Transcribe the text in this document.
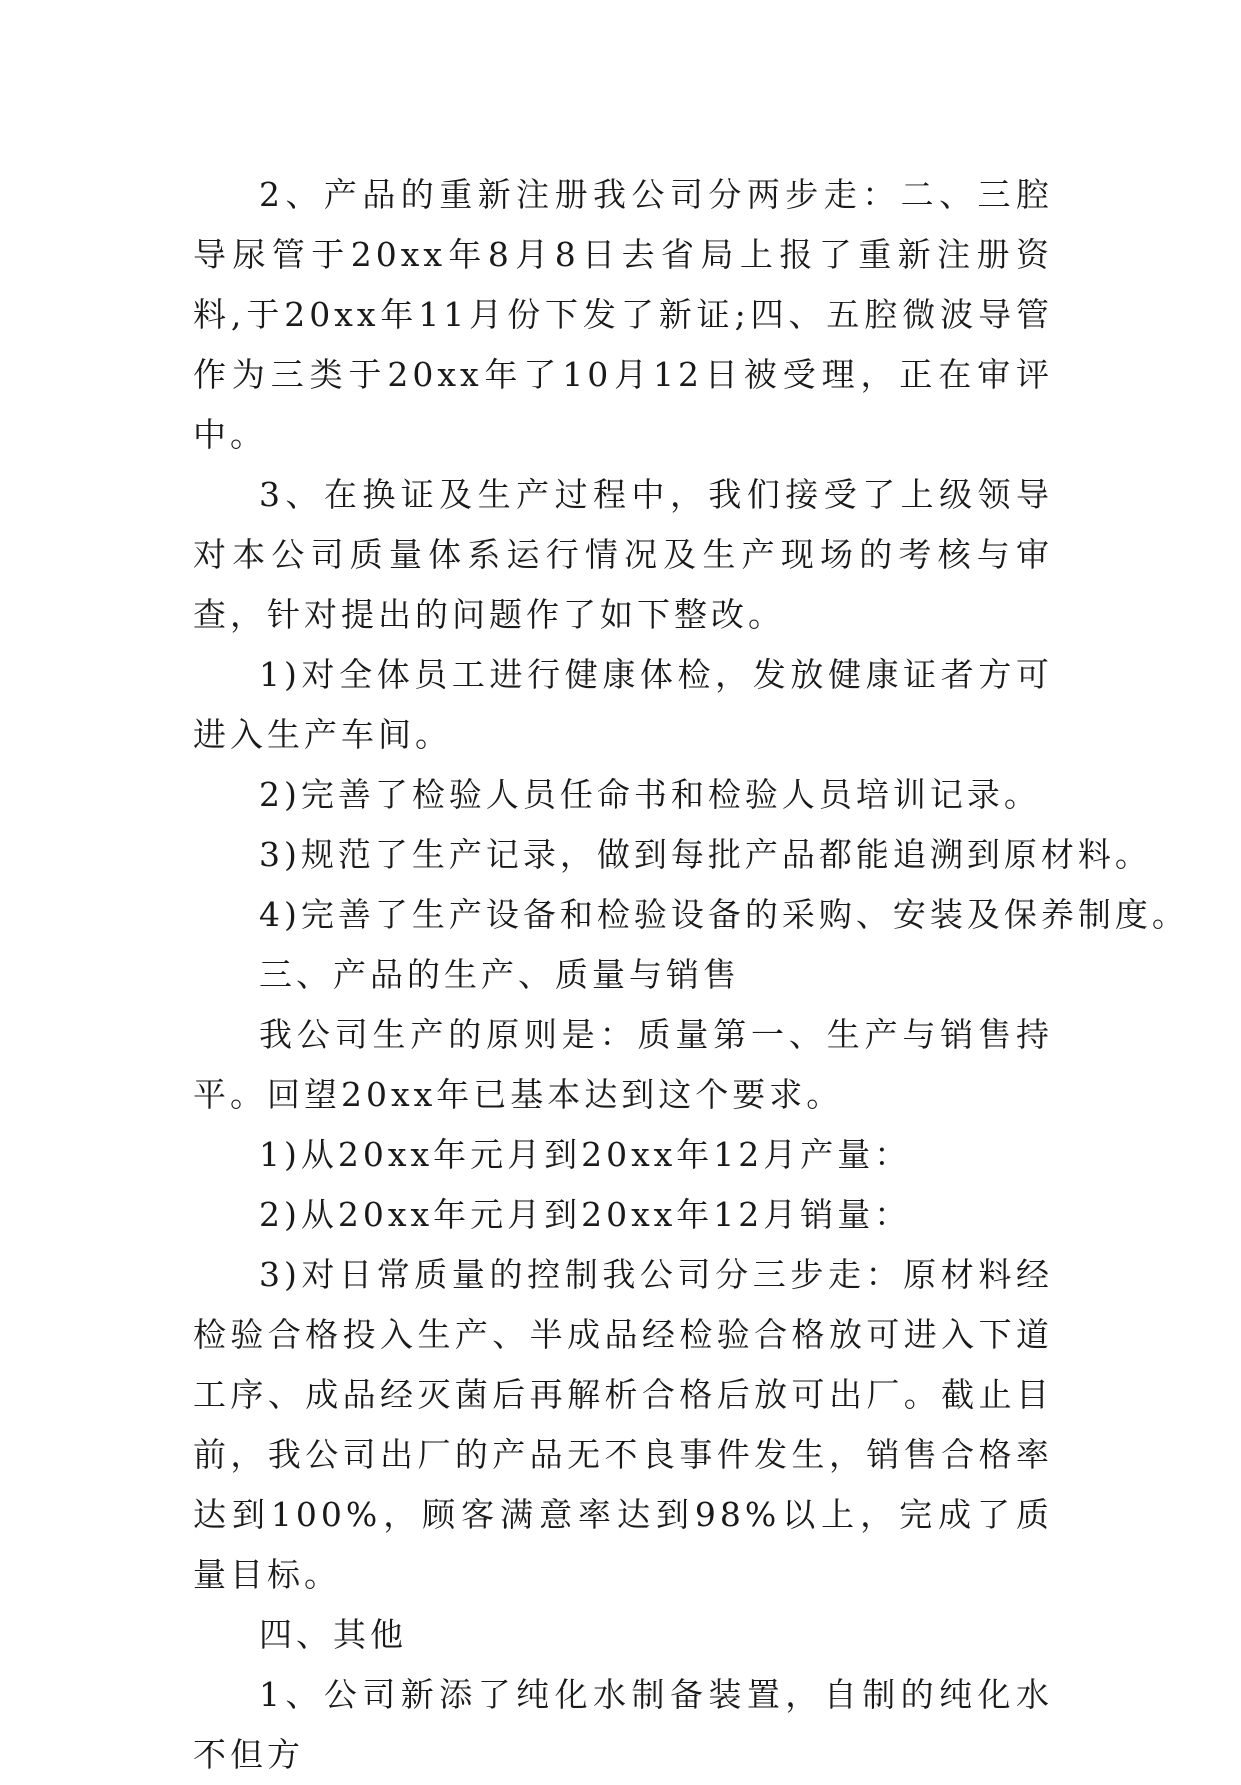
2、产品的重新注册我公司分两步走：二、三腔导尿管于20xx年8月8日去省局上报了重新注册资料,于20xx年11月份下发了新证;四、五腔微波导管作为三类于20xx年了10月12日被受理，正在审评中。

3、在换证及生产过程中，我们接受了上级领导对本公司质量体系运行情况及生产现场的考核与审查，针对提出的问题作了如下整改。

1)对全体员工进行健康体检，发放健康证者方可进入生产车间。

2)完善了检验人员任命书和检验人员培训记录。

3)规范了生产记录，做到每批产品都能追溯到原材料。

4)完善了生产设备和检验设备的采购、安装及保养制度。

三、产品的生产、质量与销售

我公司生产的原则是：质量第一、生产与销售持平。回望20xx年已基本达到这个要求。

1)从20xx年元月到20xx年12月产量：

2)从20xx年元月到20xx年12月销量：

3)对日常质量的控制我公司分三步走：原材料经检验合格投入生产、半成品经检验合格放可进入下道工序、成品经灭菌后再解析合格后放可出厂。截止目前，我公司出厂的产品无不良事件发生，销售合格率达到100%，顾客满意率达到98%以上，完成了质量目标。

四、其他

1、公司新添了纯化水制备装置，自制的纯化水不但方
